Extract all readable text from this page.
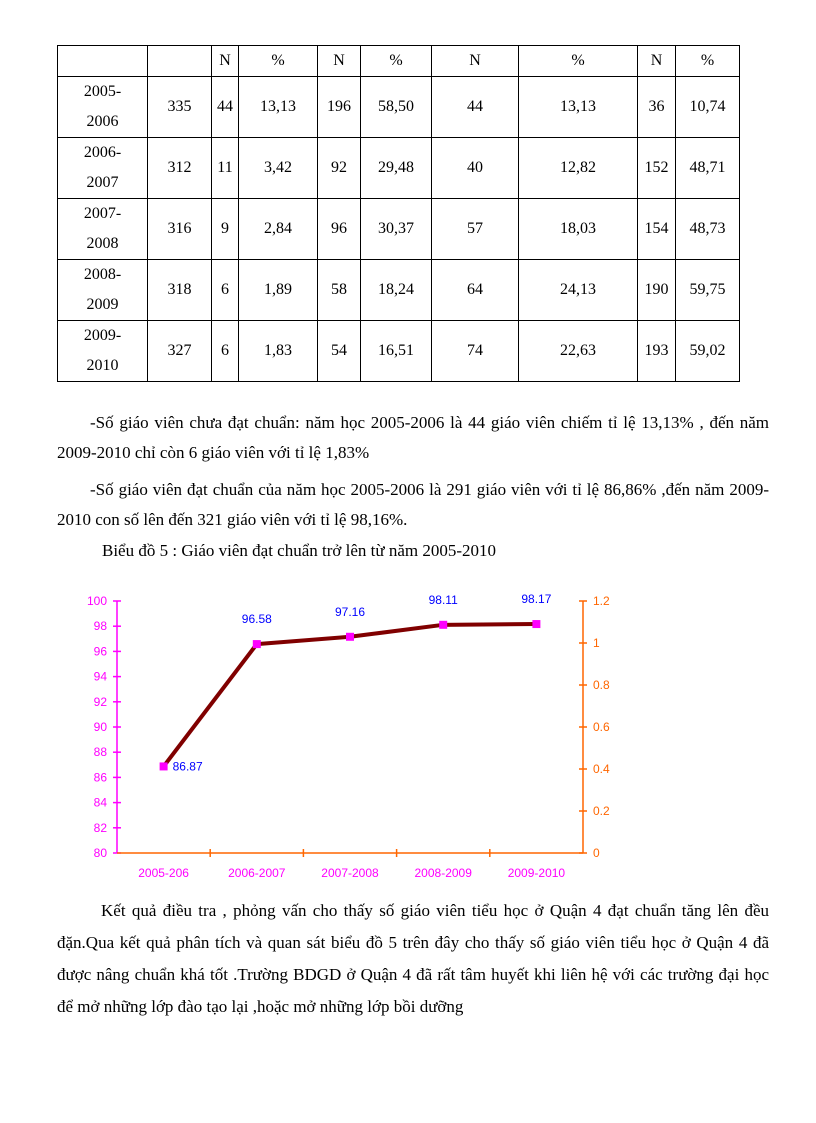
		N	%	N	%	N	%	N	%

2005-
2006	335	44	13,13	196	58,50	44	13,13	36	10,74

2006-
2007	312	11	3,42	92	29,48	40	12,82	152	48,71

2007-
2008	316	9	2,84	96	30,37	57	18,03	154	48,73

2008-
2009	318	6	1,89	58	18,24	64	24,13	190	59,75

2009-
2010	327	6	1,83	54	16,51	74	22,63	193	59,02

-Số giáo viên chưa đạt chuẩn: năm học 2005-2006 là 44 giáo viên chiếm tỉ lệ 13,13% , đến năm 2009-2010 chỉ còn 6 giáo viên với tỉ lệ 1,83%

-Số giáo viên đạt chuẩn của năm học 2005-2006 là 291 giáo viên với tỉ lệ 86,86% ,đến năm 2009-2010 con số lên đến 321 giáo viên với tỉ lệ 98,16%.

Biểu đồ 5 : Giáo viên đạt chuẩn trở lên từ năm 2005-2010
80
82
84
86
88
90
92
94
96
98
100
0
0.2
0.4
0.6
0.8
1
1.2
2005-206	2006-2007	2007-2008	2008-2009	2009-2010
86.87
96.58
97.16
98.11	98.17

Kết quả điều tra , phỏng vấn cho thấy số giáo viên tiểu học ở Quận 4 đạt chuẩn tăng lên đều đặn.Qua kết quả phân tích và quan sát biểu đồ 5 trên đây cho thấy số giáo viên tiểu học ở Quận 4 đã được nâng chuẩn khá tốt .Trường BDGD ở Quận 4 đã rất tâm huyết khi liên hệ với các trường đại học để mở những lớp đào tạo lại ,hoặc mở những lớp bồi dưỡng
